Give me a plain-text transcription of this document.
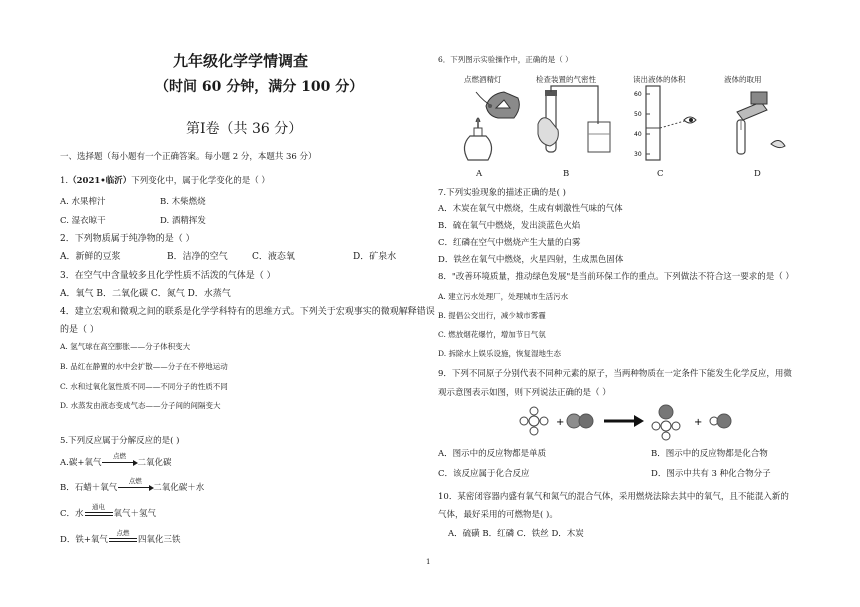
九年级化学学情调查
（时间 60 分钟，满分 100 分）
第Ⅰ卷（共 36 分）
一、选择题（每小题有一个正确答案。每小题 2 分，本题共 36 分）
1.（2021•临沂）下列变化中，属于化学变化的是（ ）
A. 水果榨汁	B. 木柴燃烧
C. 湿衣晾干	D. 酒精挥发
2．下列物质属于纯净物的是（ ）
A．新鲜的豆浆	B．洁净的空气	C．液态氧	D．矿泉水
3．在空气中含量较多且化学性质不活泼的气体是（ ）
A．氧气 B．二氧化碳 C．氮气 D．水蒸气
4．建立宏观和微观之间的联系是化学学科特有的思维方式。下列关于宏观事实的微观解释错误
的是（ ）
A. 氢气球在高空膨胀——分子体积变大
B. 品红在静置的水中会扩散——分子在不停地运动
C. 水和过氧化氢性质不同——不同分子的性质不同
D. 水蒸发由液态变成气态——分子间的间隔变大
5.下列反应属于分解反应的是( )
A.碳+氧气
点燃
二氧化碳
B．石蜡＋氧气
点燃
二氧化碳＋水
C．水
通电
氧气＋氢气
D．铁+氧气
点燃
四氧化三铁
6．下列图示实验操作中，正确的是（ ）
点燃酒精灯	检查装置的气密性	读出液体的体积	液体的取用
60
50
40
30
A	B	C	D
7.下列实验现象的描述正确的是( )
A．木炭在氧气中燃烧，生成有刺激性气味的气体
B．硫在氧气中燃烧，发出淡蓝色火焰
C．红磷在空气中燃烧产生大量的白雾
D．铁丝在氧气中燃烧，火星四射，生成黑色固体
8．"改善环境质量，推动绿色发展"是当前环保工作的重点。下列做法不符合这一要求的是（ ）
A. 建立污水处理厂，处理城市生活污水
B. 提倡公交出行，减少城市雾霾
C. 燃放烟花爆竹，增加节日气氛
D. 拆除水上娱乐设施，恢复湿地生态
9．下列不同原子分别代表不同种元素的原子，当两种物质在一定条件下能发生化学反应，用微
观示意图表示如图，则下列说法正确的是（ ）
+	+
A．图示中的反应物都是单质	B．图示中的反应物都是化合物
C．该反应属于化合反应	D．图示中共有 3 种化合物分子
10．某密闭容器内盛有氧气和氮气的混合气体，采用燃烧法除去其中的氧气，且不能混入新的
气体，最好采用的可燃物是( )。
A．硫磺 B．红磷 C．铁丝 D．木炭
1
